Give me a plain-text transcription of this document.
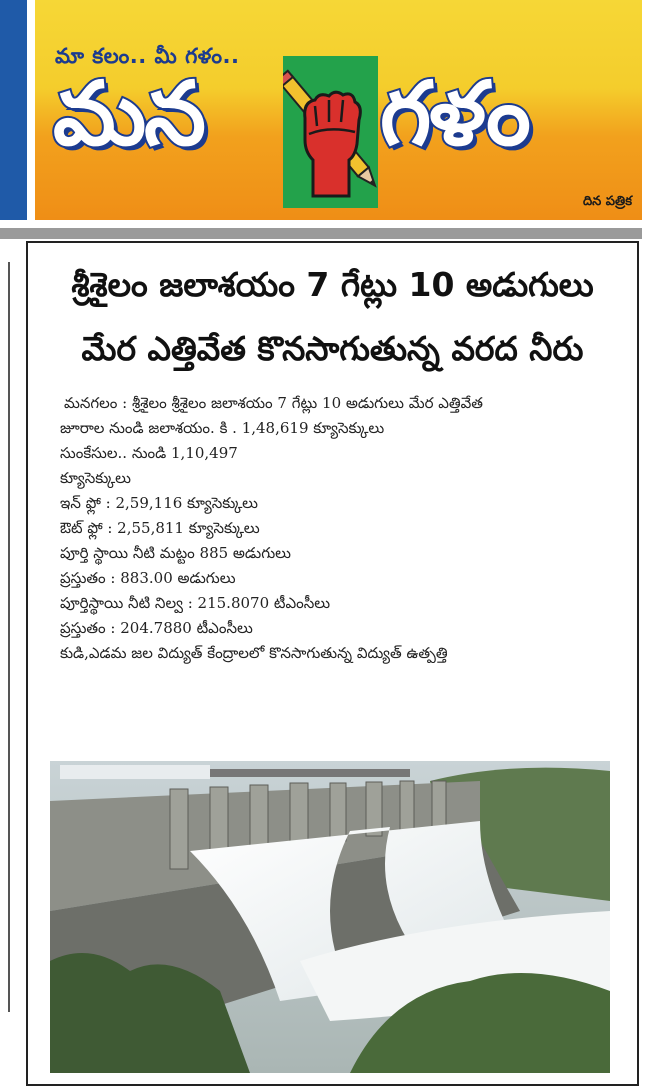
మా కలం.. మీ గళం..
మన గళం
దిన పత్రిక
శ్రీశైలం జలాశయం 7 గేట్లు 10 అడుగులు
మేర ఎత్తివేత కొనసాగుతున్న వరద నీరు
మనగలం : శ్రీశైలం శ్రీశైలం జలాశయం 7 గేట్లు 10 అడుగులు మేర ఎత్తివేత
జూరాల నుండి జలాశయం. కి . 1,48,619 క్యూసెక్కులు
సుంకేసుల.. నుండి 1,10,497
క్యూసెక్కులు
ఇన్ ఫ్లో : 2,59,116 క్యూసెక్కులు
ఔట్ ఫ్లో : 2,55,811 క్యూసెక్కులు
పూర్తి స్థాయి నీటి మట్టం 885 అడుగులు
ప్రస్తుతం : 883.00 అడుగులు
పూర్తిస్థాయి నీటి నిల్వ : 215.8070 టీఎంసీలు
ప్రస్తుతం : 204.7880 టీఎంసీలు
కుడి,ఎడమ జల విద్యుత్ కేంద్రాలలో కొనసాగుతున్న విద్యుత్ ఉత్పత్తి
